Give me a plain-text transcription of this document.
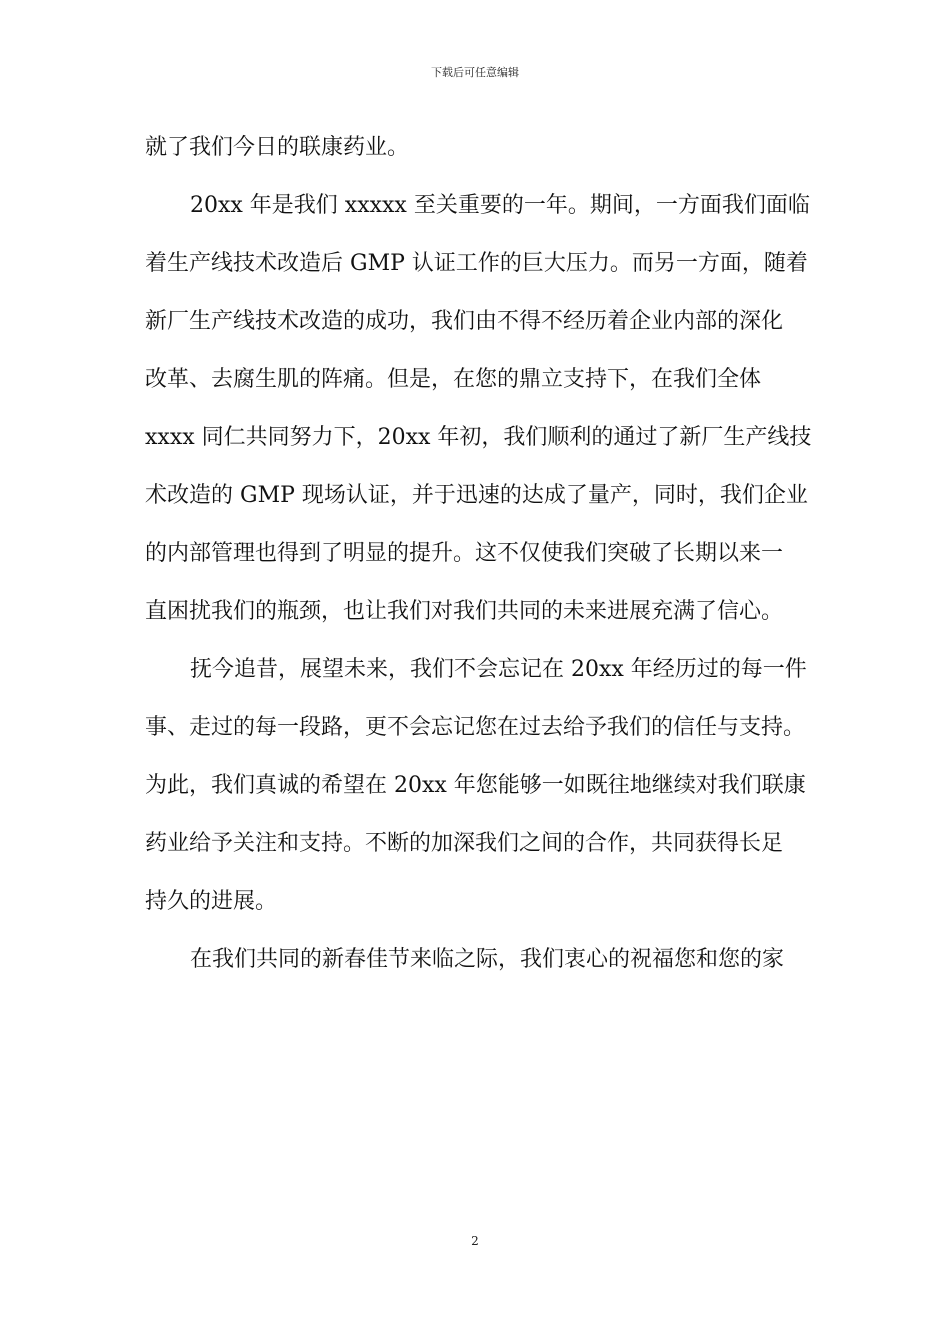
下载后可任意编辑
就了我们今日的联康药业。
20xx 年是我们 xxxxx 至关重要的一年。期间，一方面我们面临
着生产线技术改造后 GMP 认证工作的巨大压力。而另一方面，随着
新厂生产线技术改造的成功，我们由不得不经历着企业内部的深化
改革、去腐生肌的阵痛。但是，在您的鼎立支持下，在我们全体
xxxx 同仁共同努力下，20xx 年初，我们顺利的通过了新厂生产线技
术改造的 GMP 现场认证，并于迅速的达成了量产，同时，我们企业
的内部管理也得到了明显的提升。这不仅使我们突破了长期以来一
直困扰我们的瓶颈，也让我们对我们共同的未来进展充满了信心。
抚今追昔，展望未来，我们不会忘记在 20xx 年经历过的每一件
事、走过的每一段路，更不会忘记您在过去给予我们的信任与支持。
为此，我们真诚的希望在 20xx 年您能够一如既往地继续对我们联康
药业给予关注和支持。不断的加深我们之间的合作，共同获得长足
持久的进展。
在我们共同的新春佳节来临之际，我们衷心的祝福您和您的家
2
